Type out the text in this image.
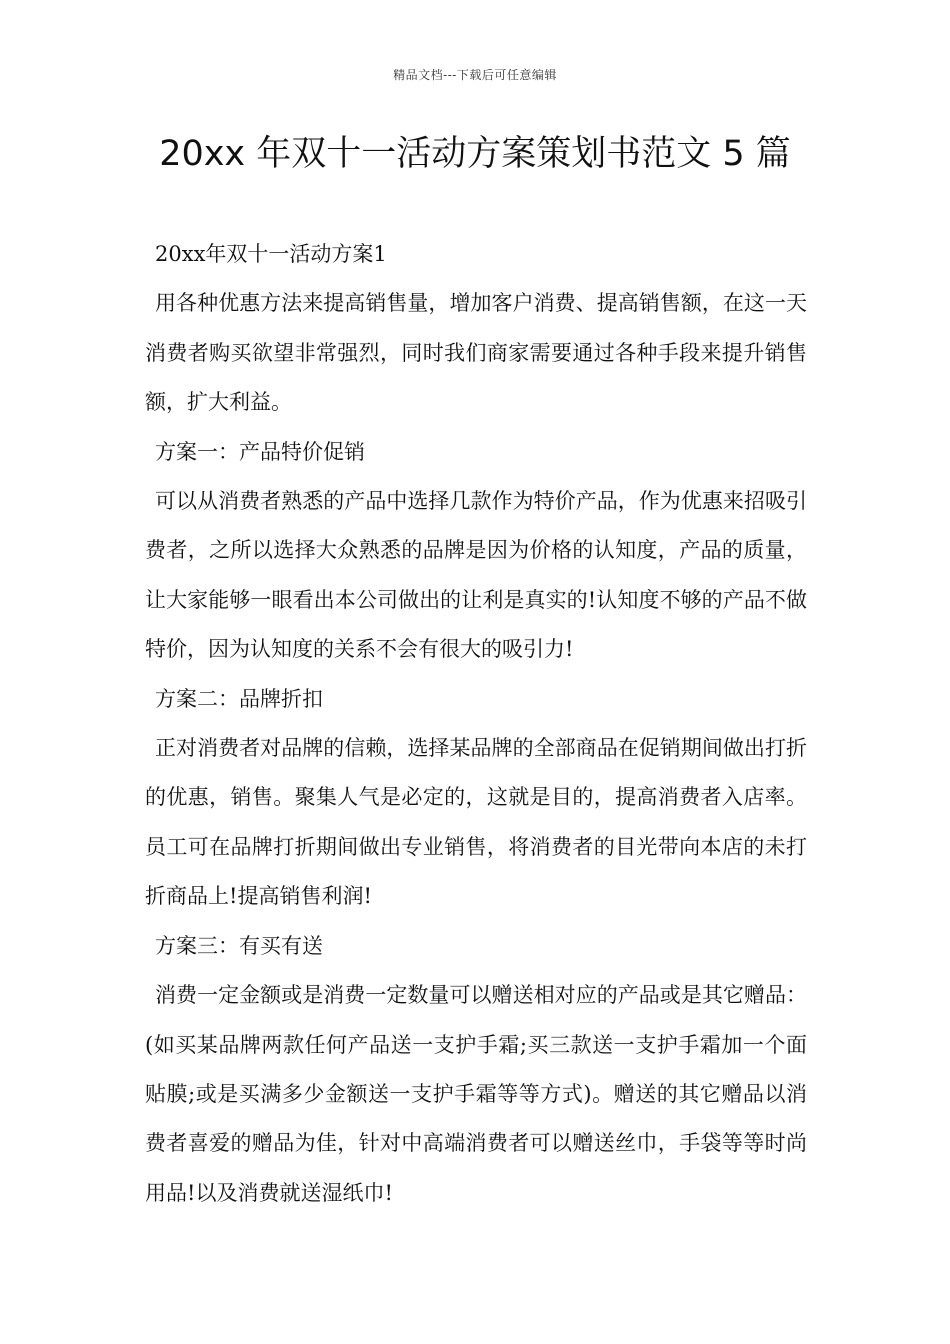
精品文档---下载后可任意编辑
20xx 年双十一活动方案策划书范文 5 篇

20xx年双十一活动方案1

用各种优惠方法来提高销售量，增加客户消费、提高销售额，在这一天消费者购买欲望非常强烈，同时我们商家需要通过各种手段来提升销售额，扩大利益。

方案一：产品特价促销

可以从消费者熟悉的产品中选择几款作为特价产品，作为优惠来招吸引费者，之所以选择大众熟悉的品牌是因为价格的认知度，产品的质量，让大家能够一眼看出本公司做出的让利是真实的!认知度不够的产品不做特价，因为认知度的关系不会有很大的吸引力!

方案二：品牌折扣

正对消费者对品牌的信赖，选择某品牌的全部商品在促销期间做出打折的优惠，销售。聚集人气是必定的，这就是目的，提高消费者入店率。员工可在品牌打折期间做出专业销售，将消费者的目光带向本店的未打折商品上!提高销售利润!

方案三：有买有送

消费一定金额或是消费一定数量可以赠送相对应的产品或是其它赠品：(如买某品牌两款任何产品送一支护手霜;买三款送一支护手霜加一个面贴膜;或是买满多少金额送一支护手霜等等方式)。赠送的其它赠品以消费者喜爱的赠品为佳，针对中高端消费者可以赠送丝巾，手袋等等时尚用品!以及消费就送湿纸巾!
